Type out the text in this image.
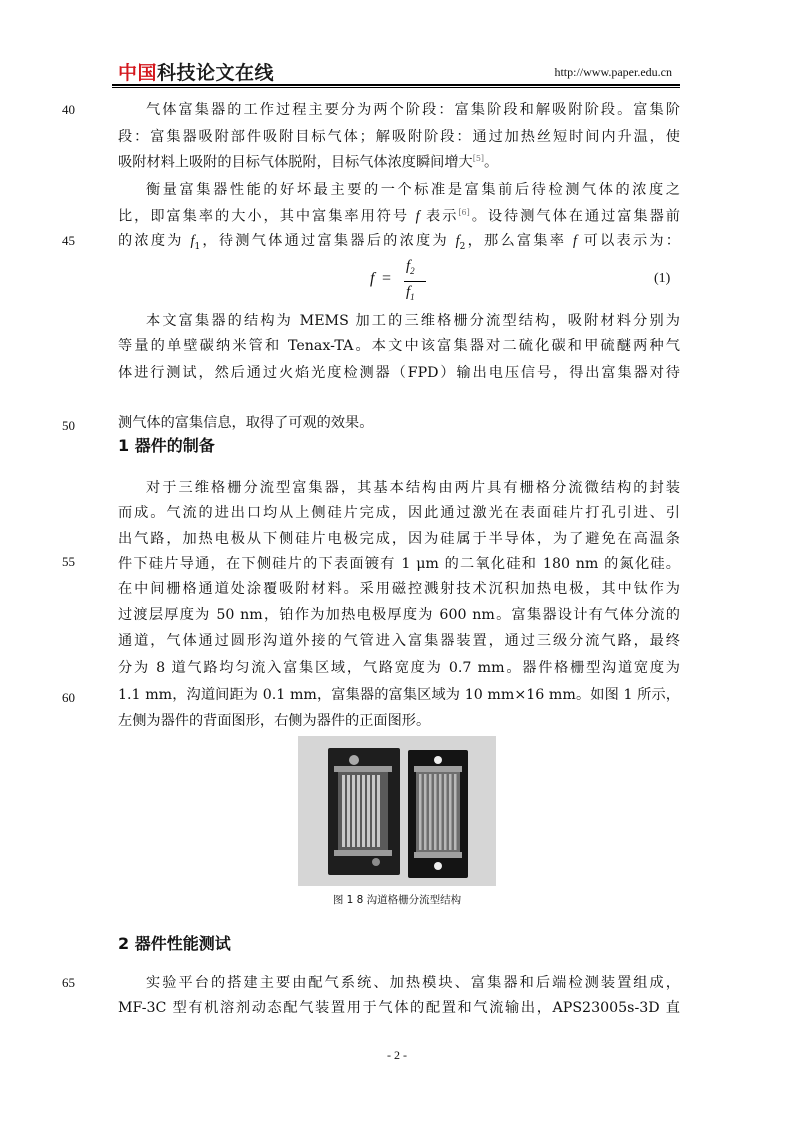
中国科技论文在线	http://www.paper.edu.cn
40
45
50
55
60
65
气体富集器的工作过程主要分为两个阶段：富集阶段和解吸附阶段。富集阶
段：富集器吸附部件吸附目标气体；解吸附阶段：通过加热丝短时间内升温，使
吸附材料上吸附的目标气体脱附，目标气体浓度瞬间增大[5]。
衡量富集器性能的好坏最主要的一个标准是富集前后待检测气体的浓度之
比，即富集率的大小，其中富集率用符号 f 表示[6]。设待测气体在通过富集器前
的浓度为 $f_1$，待测气体通过富集器后的浓度为 $f_2$，那么富集率 f 可以表示为：
f =
$f_2$
$f_1$
(1)
本文富集器的结构为 MEMS 加工的三维格栅分流型结构，吸附材料分别为
等量的单壁碳纳米管和 Tenax-TA。本文中该富集器对二硫化碳和甲硫醚两种气
体进行测试，然后通过火焰光度检测器（FPD）输出电压信号，得出富集器对待
测气体的富集信息，取得了可观的效果。
1 器件的制备
对于三维格栅分流型富集器，其基本结构由两片具有栅格分流微结构的封装
而成。气流的进出口均从上侧硅片完成，因此通过激光在表面硅片打孔引进、引
出气路，加热电极从下侧硅片电极完成，因为硅属于半导体，为了避免在高温条
件下硅片导通，在下侧硅片的下表面镀有 1 μm 的二氧化硅和 180 nm 的氮化硅。
在中间栅格通道处涂覆吸附材料。采用磁控溅射技术沉积加热电极，其中钛作为
过渡层厚度为 50 nm，铂作为加热电极厚度为 600 nm。富集器设计有气体分流的
通道，气体通过圆形沟道外接的气管进入富集器装置，通过三级分流气路，最终
分为 8 道气路均匀流入富集区域，气路宽度为 0.7 mm。器件格栅型沟道宽度为
1.1 mm，沟道间距为 0.1 mm，富集器的富集区域为 10 mm×16 mm。如图 1 所示，
左侧为器件的背面图形，右侧为器件的正面图形。
图 1 8 沟道格栅分流型结构
2 器件性能测试
实验平台的搭建主要由配气系统、加热模块、富集器和后端检测装置组成，
MF-3C 型有机溶剂动态配气装置用于气体的配置和气流输出，APS23005s-3D 直
- 2 -
